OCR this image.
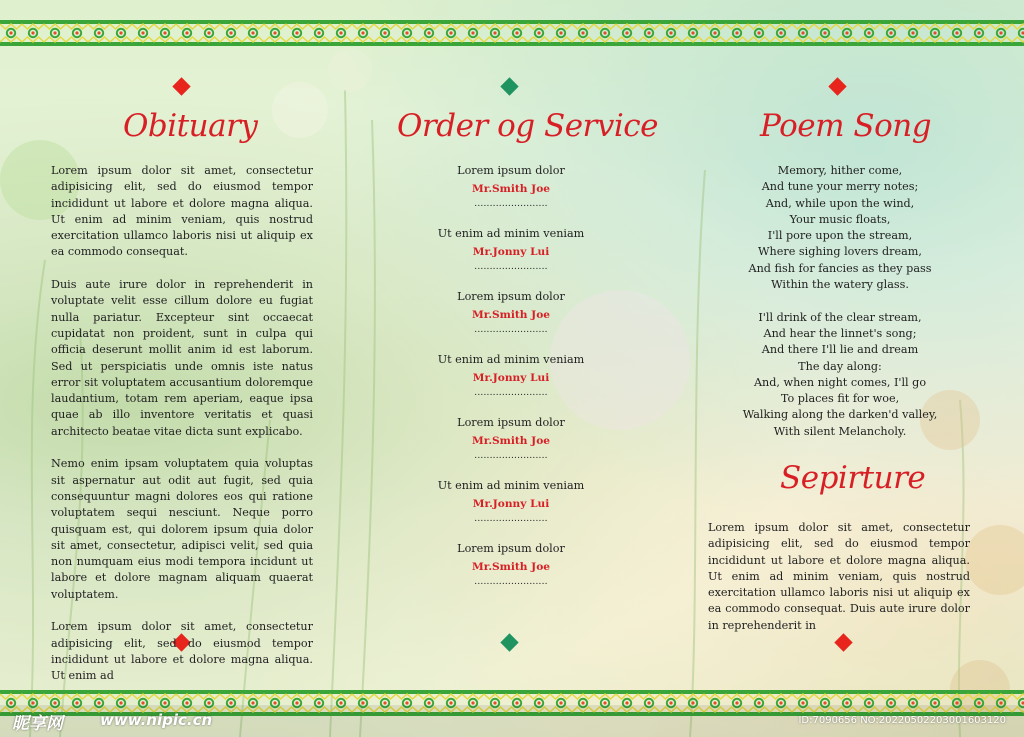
Obituary

Lorem ipsum dolor sit amet, consectetur adipisicing elit, sed do eiusmod tempor incididunt ut labore et dolore magna aliqua. Ut enim ad minim veniam, quis nostrud exercitation ullamco laboris nisi ut aliquip ex ea commodo consequat.

Duis aute irure dolor in reprehenderit in voluptate velit esse cillum dolore eu fugiat nulla pariatur. Excepteur sint occaecat cupidatat non proident, sunt in culpa qui officia deserunt mollit anim id est laborum. Sed ut perspiciatis unde omnis iste natus error sit voluptatem accusantium doloremque laudantium, totam rem aperiam, eaque ipsa quae ab illo inventore veritatis et quasi architecto beatae vitae dicta sunt explicabo.

Nemo enim ipsam voluptatem quia voluptas sit aspernatur aut odit aut fugit, sed quia consequuntur magni dolores eos qui ratione voluptatem sequi nesciunt. Neque porro quisquam est, qui dolorem ipsum quia dolor sit amet, consectetur, adipisci velit, sed quia non numquam eius modi tempora incidunt ut labore et dolore magnam aliquam quaerat voluptatem.

Lorem ipsum dolor sit amet, consectetur adipisicing elit, sed do eiusmod tempor incididunt ut labore et dolore magna aliqua. Ut enim ad

Order og Service
Lorem ipsum dolor
Mr.Smith Joe
........................
Ut enim ad minim veniam
Mr.Jonny Lui
........................
Lorem ipsum dolor
Mr.Smith Joe
........................
Ut enim ad minim veniam
Mr.Jonny Lui
........................
Lorem ipsum dolor
Mr.Smith Joe
........................
Ut enim ad minim veniam
Mr.Jonny Lui
........................
Lorem ipsum dolor
Mr.Smith Joe
........................
Poem Song
Memory, hither come,
And tune your merry notes;
And, while upon the wind,
Your music floats,
I'll pore upon the stream,
Where sighing lovers dream,
And fish for fancies as they pass
Within the watery glass.
I'll drink of the clear stream,
And hear the linnet's song;
And there I'll lie and dream
The day along:
And, when night comes, I'll go
To places fit for woe,
Walking along the darken'd valley,
With silent Melancholy.
Sepirture

Lorem ipsum dolor sit amet, consectetur adipisicing elit, sed do eiusmod tempor incididunt ut labore et dolore magna aliqua. Ut enim ad minim veniam, quis nostrud exercitation ullamco laboris nisi ut aliquip ex ea commodo consequat. Duis aute irure dolor in reprehenderit in

昵享网 www.nipic.cn	ID:7090656 NO:20220502203001603120
